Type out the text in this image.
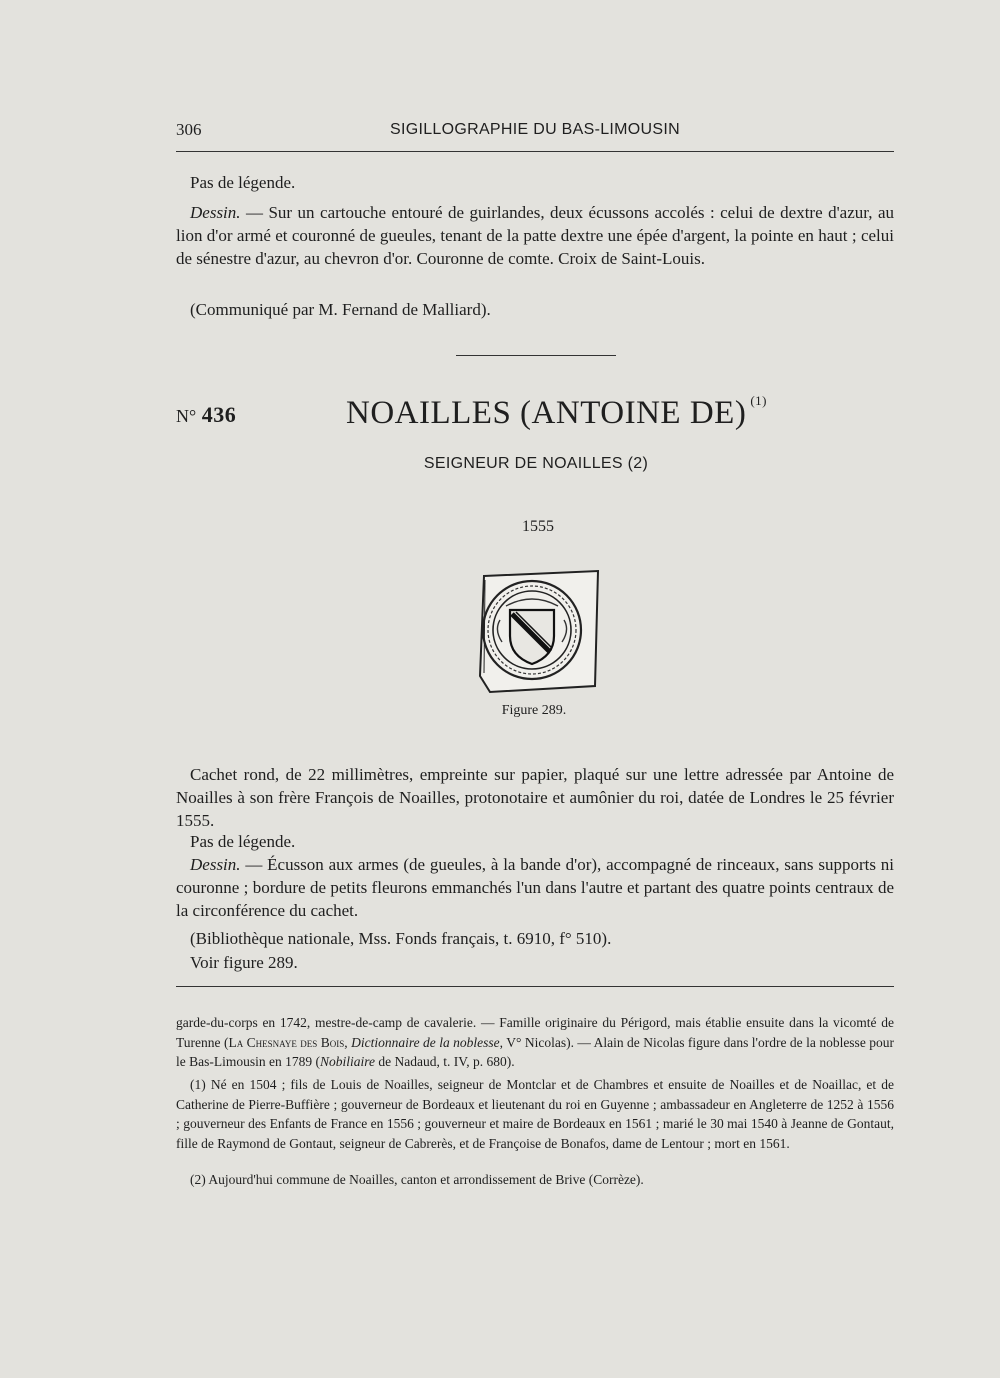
306	SIGILLOGRAPHIE DU BAS-LIMOUSIN

Pas de légende.

Dessin. — Sur un cartouche entouré de guirlandes, deux écussons accolés : celui de dextre d'azur, au lion d'or armé et couronné de gueules, tenant de la patte dextre une épée d'argent, la pointe en haut ; celui de sénestre d'azur, au chevron d'or. Couronne de comte. Croix de Saint-Louis.

(Communiqué par M. Fernand de Malliard).

N° 436	NOAILLES (ANTOINE DE) $^{(1)}$
SEIGNEUR DE NOAILLES (2)
1555
Figure 289.

Cachet rond, de 22 millimètres, empreinte sur papier, plaqué sur une lettre adressée par Antoine de Noailles à son frère François de Noailles, protonotaire et aumônier du roi, datée de Londres le 25 février 1555.

Pas de légende.

Dessin. — Écusson aux armes (de gueules, à la bande d'or), accompagné de rinceaux, sans supports ni couronne ; bordure de petits fleurons emmanchés l'un dans l'autre et partant des quatre points centraux de la circonférence du cachet.

(Bibliothèque nationale, Mss. Fonds français, t. 6910, f° 510).

Voir figure 289.

garde-du-corps en 1742, mestre-de-camp de cavalerie. — Famille originaire du Périgord, mais établie ensuite dans la vicomté de Turenne (La Chesnaye des Bois, Dictionnaire de la noblesse, V° Nicolas). — Alain de Nicolas figure dans l'ordre de la noblesse pour le Bas-Limousin en 1789 (Nobiliaire de Nadaud, t. IV, p. 680).

(1) Né en 1504 ; fils de Louis de Noailles, seigneur de Montclar et de Chambres et ensuite de Noailles et de Noaillac, et de Catherine de Pierre-Buffière ; gouverneur de Bordeaux et lieutenant du roi en Guyenne ; ambassadeur en Angleterre de 1252 à 1556 ; gouverneur des Enfants de France en 1556 ; gouverneur et maire de Bordeaux en 1561 ; marié le 30 mai 1540 à Jeanne de Gontaut, fille de Raymond de Gontaut, seigneur de Cabrerès, et de Françoise de Bonafos, dame de Lentour ; mort en 1561.

(2) Aujourd'hui commune de Noailles, canton et arrondissement de Brive (Corrèze).
